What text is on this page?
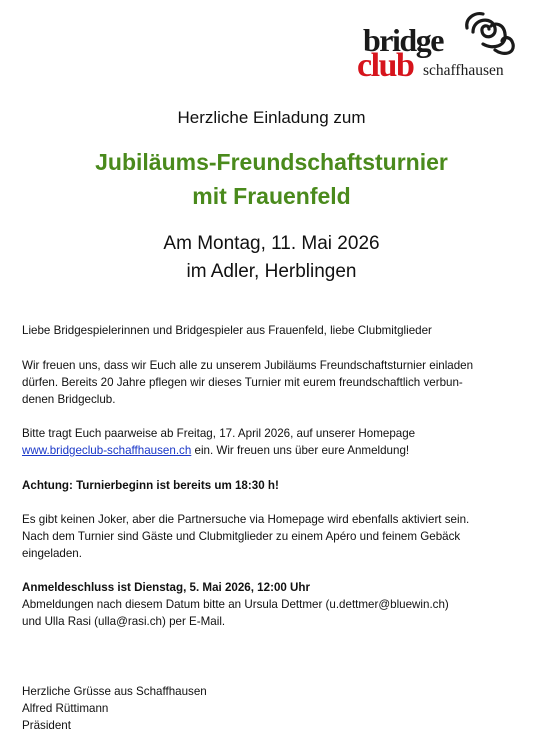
bridge
club schaffhausen
Herzliche Einladung zum
Jubiläums-Freundschaftsturnier
mit Frauenfeld
Am Montag, 11. Mai 2026
im Adler, Herblingen
Liebe Bridgespielerinnen und Bridgespieler aus Frauenfeld, liebe Clubmitglieder
Wir freuen uns, dass wir Euch alle zu unserem Jubiläums Freundschaftsturnier einladen
dürfen. Bereits 20 Jahre pflegen wir dieses Turnier mit eurem freundschaftlich verbun-
denen Bridgeclub.
Bitte tragt Euch paarweise ab Freitag, 17. April 2026, auf unserer Homepage
www.bridgeclub-schaffhausen.ch ein. Wir freuen uns über eure Anmeldung!
Achtung: Turnierbeginn ist bereits um 18:30 h!
Es gibt keinen Joker, aber die Partnersuche via Homepage wird ebenfalls aktiviert sein.
Nach dem Turnier sind Gäste und Clubmitglieder zu einem Apéro und feinem Gebäck
eingeladen.
Anmeldeschluss ist Dienstag, 5. Mai 2026, 12:00 Uhr
Abmeldungen nach diesem Datum bitte an Ursula Dettmer (u.dettmer@bluewin.ch)
und Ulla Rasi (ulla@rasi.ch) per E-Mail.
Herzliche Grüsse aus Schaffhausen
Alfred Rüttimann
Präsident
